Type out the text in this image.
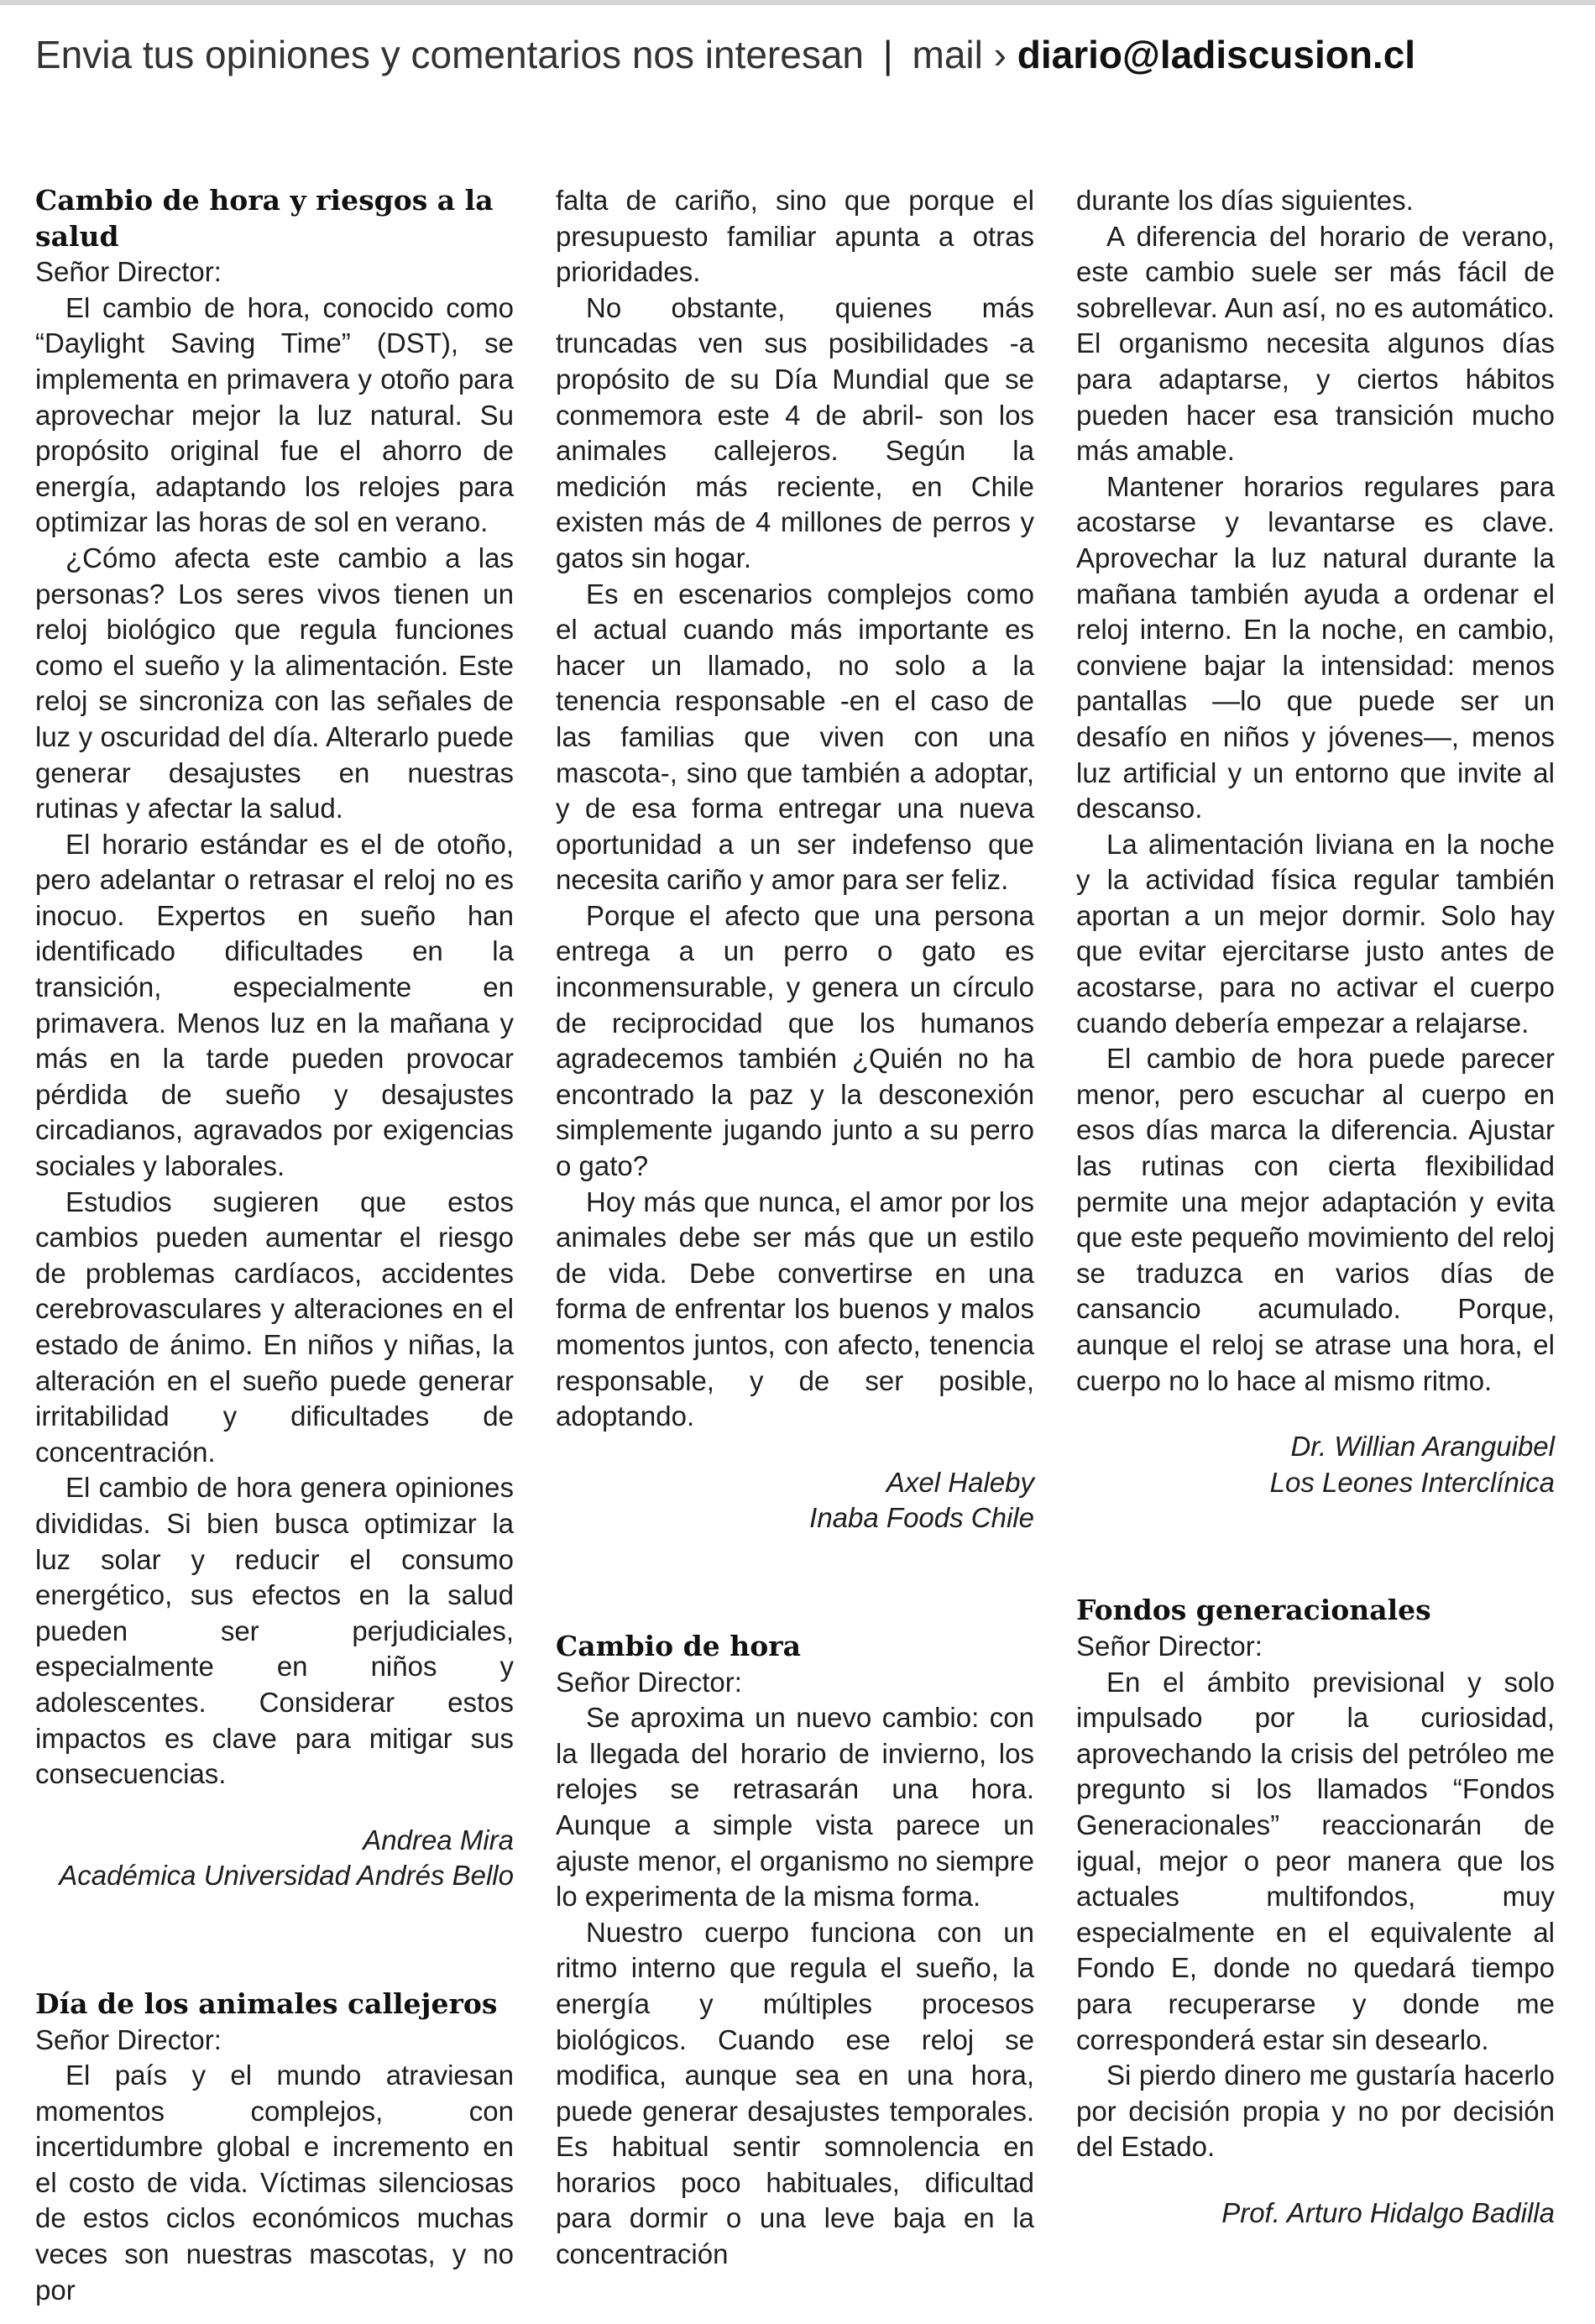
Envia tus opiniones y comentarios nos interesan | mail › diario@ladiscusion.cl
Cambio de hora y riesgos a la salud

Señor Director:

El cambio de hora, conocido como “Daylight Saving Time” (DST), se implementa en primavera y otoño para aprovechar mejor la luz natural. Su propósito original fue el ahorro de energía, adaptando los relojes para optimizar las horas de sol en verano.

¿Cómo afecta este cambio a las personas? Los seres vivos tienen un reloj biológico que regula funciones como el sueño y la alimentación. Este reloj se sincroniza con las señales de luz y oscuridad del día. Alterarlo puede generar desajustes en nuestras rutinas y afectar la salud.

El horario estándar es el de otoño, pero adelantar o retrasar el reloj no es inocuo. Expertos en sueño han identificado dificultades en la transición, especialmente en primavera. Menos luz en la mañana y más en la tarde pueden provocar pérdida de sueño y desajustes circadianos, agravados por exigencias sociales y laborales.

Estudios sugieren que estos cambios pueden aumentar el riesgo de problemas cardíacos, accidentes cerebrovasculares y alteraciones en el estado de ánimo. En niños y niñas, la alteración en el sueño puede generar irritabilidad y dificultades de concentración.

El cambio de hora genera opiniones divididas. Si bien busca optimizar la luz solar y reducir el consumo energético, sus efectos en la salud pueden ser perjudiciales, especialmente en niños y adolescentes. Considerar estos impactos es clave para mitigar sus consecuencias.

Andrea Mira
Académica Universidad Andrés Bello
Día de los animales callejeros

Señor Director:

El país y el mundo atraviesan momentos complejos, con incertidumbre global e incremento en el costo de vida. Víctimas silenciosas de estos ciclos económicos muchas veces son nuestras mascotas, y no por

falta de cariño, sino que porque el presupuesto familiar apunta a otras prioridades.

No obstante, quienes más truncadas ven sus posibilidades -a propósito de su Día Mundial que se conmemora este 4 de abril- son los animales callejeros. Según la medición más reciente, en Chile existen más de 4 millones de perros y gatos sin hogar.

Es en escenarios complejos como el actual cuando más importante es hacer un llamado, no solo a la tenencia responsable -en el caso de las familias que viven con una mascota-, sino que también a adoptar, y de esa forma entregar una nueva oportunidad a un ser indefenso que necesita cariño y amor para ser feliz.

Porque el afecto que una persona entrega a un perro o gato es inconmensurable, y genera un círculo de reciprocidad que los humanos agradecemos también ¿Quién no ha encontrado la paz y la desconexión simplemente jugando junto a su perro o gato?

Hoy más que nunca, el amor por los animales debe ser más que un estilo de vida. Debe convertirse en una forma de enfrentar los buenos y malos momentos juntos, con afecto, tenencia responsable, y de ser posible, adoptando.

Axel Haleby
Inaba Foods Chile
Cambio de hora

Señor Director:

Se aproxima un nuevo cambio: con la llegada del horario de invierno, los relojes se retrasarán una hora. Aunque a simple vista parece un ajuste menor, el organismo no siempre lo experimenta de la misma forma.

Nuestro cuerpo funciona con un ritmo interno que regula el sueño, la energía y múltiples procesos biológicos. Cuando ese reloj se modifica, aunque sea en una hora, puede generar desajustes temporales. Es habitual sentir somnolencia en horarios poco habituales, dificultad para dormir o una leve baja en la concentración

durante los días siguientes.

A diferencia del horario de verano, este cambio suele ser más fácil de sobrellevar. Aun así, no es automático. El organismo necesita algunos días para adaptarse, y ciertos hábitos pueden hacer esa transición mucho más amable.

Mantener horarios regulares para acostarse y levantarse es clave. Aprovechar la luz natural durante la mañana también ayuda a ordenar el reloj interno. En la noche, en cambio, conviene bajar la intensidad: menos pantallas —lo que puede ser un desafío en niños y jóvenes—, menos luz artificial y un entorno que invite al descanso.

La alimentación liviana en la noche y la actividad física regular también aportan a un mejor dormir. Solo hay que evitar ejercitarse justo antes de acostarse, para no activar el cuerpo cuando debería empezar a relajarse.

El cambio de hora puede parecer menor, pero escuchar al cuerpo en esos días marca la diferencia. Ajustar las rutinas con cierta flexibilidad permite una mejor adaptación y evita que este pequeño movimiento del reloj se traduzca en varios días de cansancio acumulado. Porque, aunque el reloj se atrase una hora, el cuerpo no lo hace al mismo ritmo.

Dr. Willian Aranguibel
Los Leones Interclínica
Fondos generacionales

Señor Director:

En el ámbito previsional y solo impulsado por la curiosidad, aprovechando la crisis del petróleo me pregunto si los llamados “Fondos Generacionales” reaccionarán de igual, mejor o peor manera que los actuales multifondos, muy especialmente en el equivalente al Fondo E, donde no quedará tiempo para recuperarse y donde me corresponderá estar sin desearlo.

Si pierdo dinero me gustaría hacerlo por decisión propia y no por decisión del Estado.

Prof. Arturo Hidalgo Badilla
